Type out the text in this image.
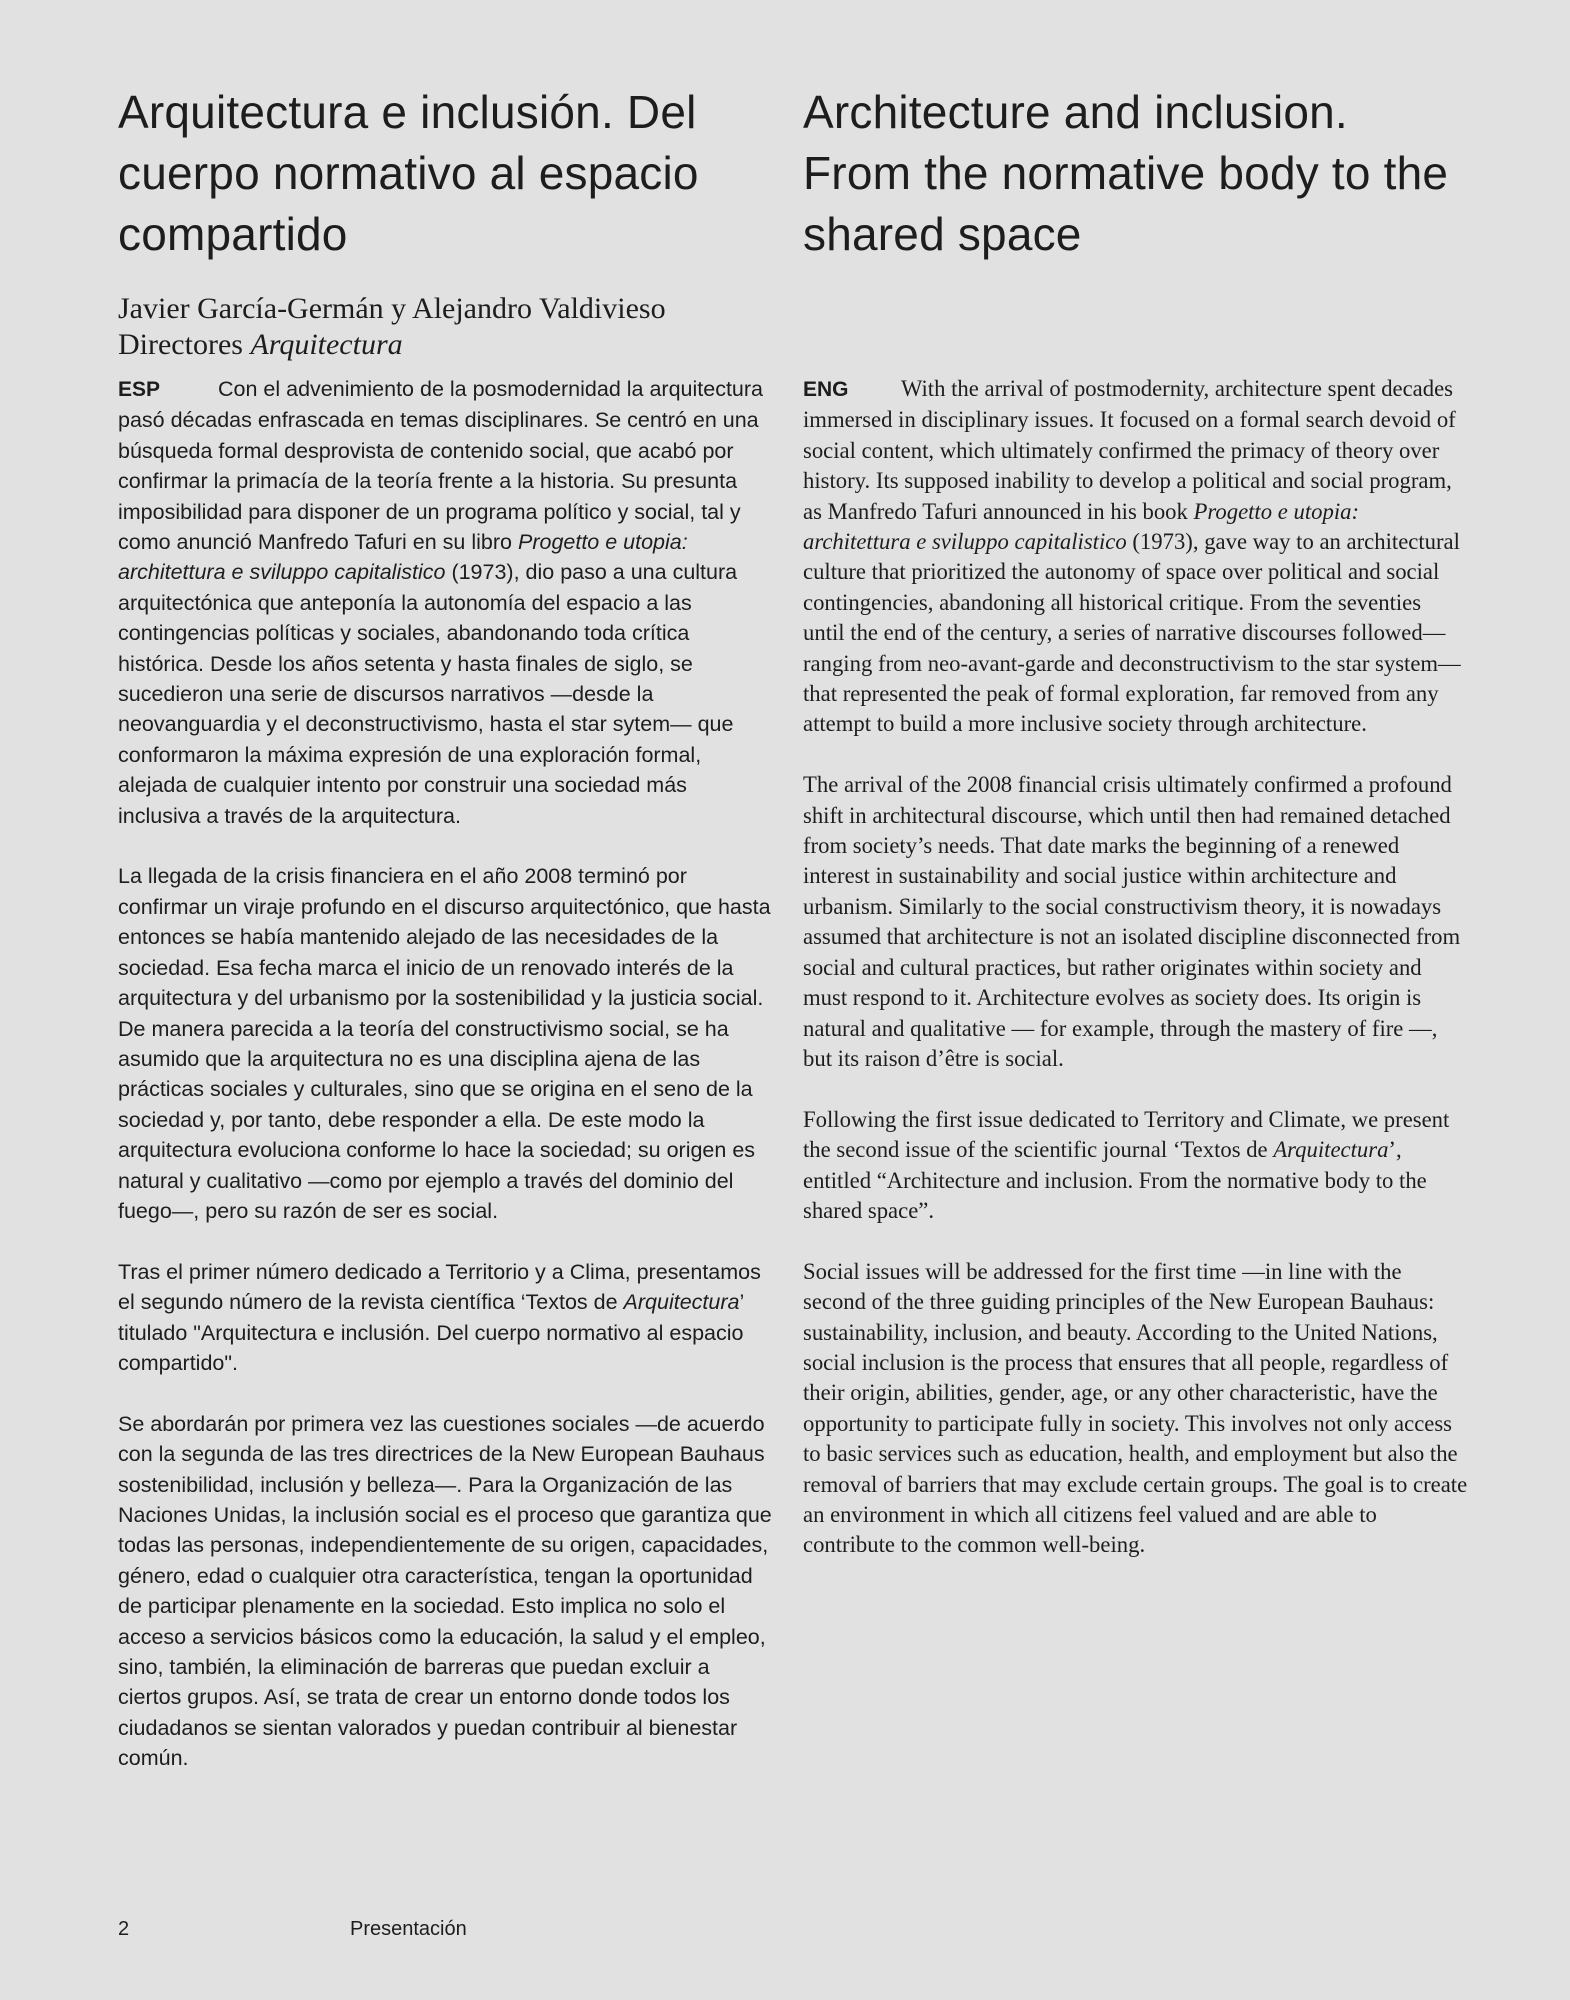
Arquitectura e inclusión. Del cuerpo normativo al espacio compartido
Javier García-Germán y Alejandro Valdivieso
Directores Arquitectura

ESP	Con el advenimiento de la posmodernidad la arquitectura pasó décadas enfrascada en temas disciplinares. Se centró en una búsqueda formal desprovista de contenido social, que acabó por confirmar la primacía de la teoría frente a la historia. Su presunta imposibilidad para disponer de un programa político y social, tal y como anunció Manfredo Tafuri en su libro Progetto e utopia: architettura e sviluppo capitalistico (1973), dio paso a una cultura arquitectónica que anteponía la autonomía del espacio a las contingencias políticas y sociales, abandonando toda crítica histórica. Desde los años setenta y hasta finales de siglo, se sucedieron una serie de discursos narrativos —desde la neovanguardia y el deconstructivismo, hasta el star sytem— que conformaron la máxima expresión de una exploración formal, alejada de cualquier intento por construir una sociedad más inclusiva a través de la arquitectura.

La llegada de la crisis financiera en el año 2008 terminó por confirmar un viraje profundo en el discurso arquitectónico, que hasta entonces se había mantenido alejado de las necesidades de la sociedad. Esa fecha marca el inicio de un renovado interés de la arquitectura y del urbanismo por la sostenibilidad y la justicia social. De manera parecida a la teoría del constructivismo social, se ha asumido que la arquitectura no es una disciplina ajena de las prácticas sociales y culturales, sino que se origina en el seno de la sociedad y, por tanto, debe responder a ella. De este modo la arquitectura evoluciona conforme lo hace la sociedad; su origen es natural y cualitativo —como por ejemplo a través del dominio del fuego—, pero su razón de ser es social.

Tras el primer número dedicado a Territorio y a Clima, presentamos el segundo número de la revista científica ‘Textos de Arquitectura’ titulado "Arquitectura e inclusión. Del cuerpo normativo al espacio compartido".

Se abordarán por primera vez las cuestiones sociales —de acuerdo con la segunda de las tres directrices de la New European Bauhaus sostenibilidad, inclusión y belleza—. Para la Organización de las Naciones Unidas, la inclusión social es el proceso que garantiza que todas las personas, independientemente de su origen, capacidades, género, edad o cualquier otra característica, tengan la oportunidad de participar plenamente en la sociedad. Esto implica no solo el acceso a servicios básicos como la educación, la salud y el empleo, sino, también, la eliminación de barreras que puedan excluir a ciertos grupos. Así, se trata de crear un entorno donde todos los ciudadanos se sientan valorados y puedan contribuir al bienestar común.

Architecture and inclusion. From the normative body to the shared space

ENG With the arrival of postmodernity, architecture spent decades immersed in disciplinary issues. It focused on a formal search devoid of social content, which ultimately confirmed the primacy of theory over history. Its supposed inability to develop a political and social program, as Manfredo Tafuri announced in his book Progetto e utopia: architettura e sviluppo capitalistico (1973), gave way to an architectural culture that prioritized the autonomy of space over political and social contingencies, abandoning all historical critique. From the seventies until the end of the century, a series of narrative discourses followed—ranging from neo-avant-garde and deconstructivism to the star system—that represented the peak of formal exploration, far removed from any attempt to build a more inclusive society through architecture.

The arrival of the 2008 financial crisis ultimately confirmed a profound shift in architectural discourse, which until then had remained detached from society’s needs. That date marks the beginning of a renewed interest in sustainability and social justice within architecture and urbanism. Similarly to the social constructivism theory, it is nowadays assumed that architecture is not an isolated discipline disconnected from social and cultural practices, but rather originates within society and must respond to it. Architecture evolves as society does. Its origin is natural and qualitative — for example, through the mastery of fire —, but its raison d’être is social.

Following the first issue dedicated to Territory and Climate, we present the second issue of the scientific journal ‘Textos de Arquitectura’, entitled “Architecture and inclusion. From the normative body to the shared space”.

Social issues will be addressed for the first time —in line with the second of the three guiding principles of the New European Bauhaus: sustainability, inclusion, and beauty. According to the United Nations, social inclusion is the process that ensures that all people, regardless of their origin, abilities, gender, age, or any other characteristic, have the opportunity to participate fully in society. This involves not only access to basic services such as education, health, and employment but also the removal of barriers that may exclude certain groups. The goal is to create an environment in which all citizens feel valued and are able to contribute to the common well-being.

2	Presentación
